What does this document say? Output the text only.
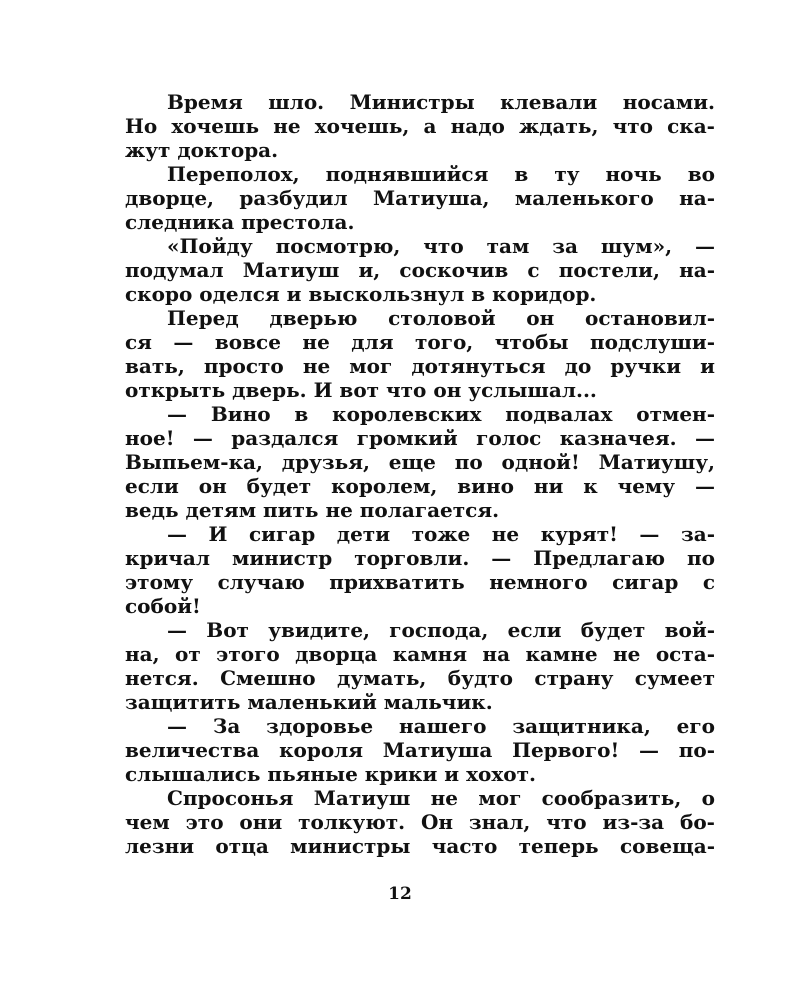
Время шло. Министры клевали носами.
Но хочешь не хочешь, а надо ждать, что ска-
жут доктора.
Переполох, поднявшийся в ту ночь во
дворце, разбудил Матиуша, маленького на-
следника престола.
«Пойду посмотрю, что там за шум», —
подумал Матиуш и, соскочив с постели, на-
скоро оделся и выскользнул в коридор.
Перед дверью столовой он остановил-
ся — вовсе не для того, чтобы подслуши-
вать, просто не мог дотянуться до ручки и
открыть дверь. И вот что он услышал...
— Вино в королевских подвалах отмен-
ное! — раздался громкий голос казначея. —
Выпьем-ка, друзья, еще по одной! Матиушу,
если он будет королем, вино ни к чему —
ведь детям пить не полагается.
— И сигар дети тоже не курят! — за-
кричал министр торговли. — Предлагаю по
этому случаю прихватить немного сигар с
собой!
— Вот увидите, господа, если будет вой-
на, от этого дворца камня на камне не оста-
нется. Смешно думать, будто страну сумеет
защитить маленький мальчик.
— За здоровье нашего защитника, его
величества короля Матиуша Первого! — по-
слышались пьяные крики и хохот.
Спросонья Матиуш не мог сообразить, о
чем это они толкуют. Он знал, что из-за бо-
лезни отца министры часто теперь совеща-
12
